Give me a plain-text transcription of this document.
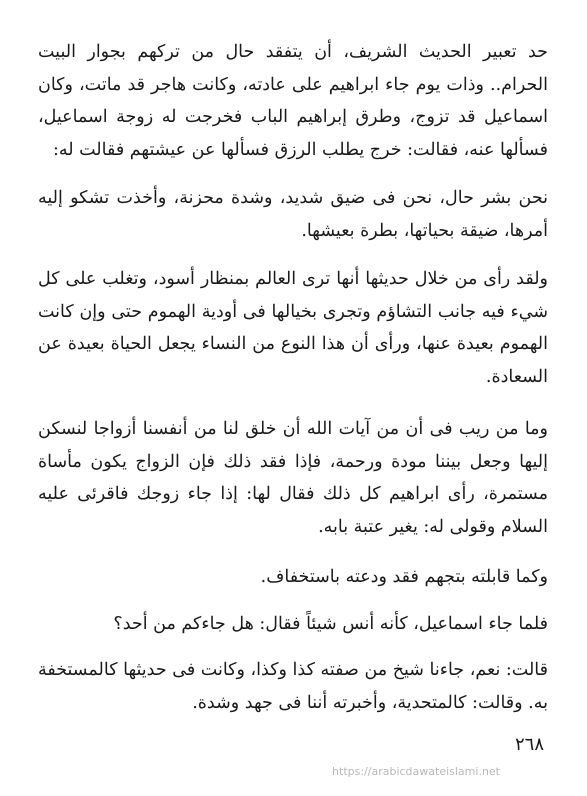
حد تعبير الحديث الشريف، أن يتفقد حال من تركهم بجوار البيت الحرام.. وذات يوم جاء ابراهيم على عادته، وكانت هاجر قد ماتت، وكان اسماعيل قد تزوج، وطرق إبراهيم الباب فخرجت له زوجة اسماعيل، فسألها عنه، فقالت: خرج يطلب الرزق فسألها عن عيشتهم فقالت له:

نحن بشر حال، نحن فى ضيق شديد، وشدة محزنة، وأخذت تشكو إليه أمرها، ضيقة بحياتها، بطرة بعيشها.

ولقد رأى من خلال حديثها أنها ترى العالم بمنظار أسود، وتغلب على كل شيء فيه جانب التشاؤم وتجرى بخيالها فى أودية الهموم حتى وإن كانت الهموم بعيدة عنها، ورأى أن هذا النوع من النساء يجعل الحياة بعيدة عن السعادة.

وما من ريب فى أن من آيات الله أن خلق لنا من أنفسنا أزواجا لنسكن إليها وجعل بيننا مودة ورحمة، فإذا فقد ذلك فإن الزواج يكون مأساة مستمرة، رأى ابراهيم كل ذلك فقال لها: إذا جاء زوجك فاقرئى عليه السلام وقولى له: يغير عتبة بابه.

وكما قابلته بتجهم فقد ودعته باستخفاف.

فلما جاء اسماعيل، كأنه أنس شيئاً فقال: هل جاءكم من أحد؟

قالت: نعم، جاءنا شيخ من صفته كذا وكذا، وكانت فى حديثها كالمستخفة به. وقالت: كالمتحدية، وأخبرته أننا فى جهد وشدة.

٢٦٨
https://arabicdawateislami.net
